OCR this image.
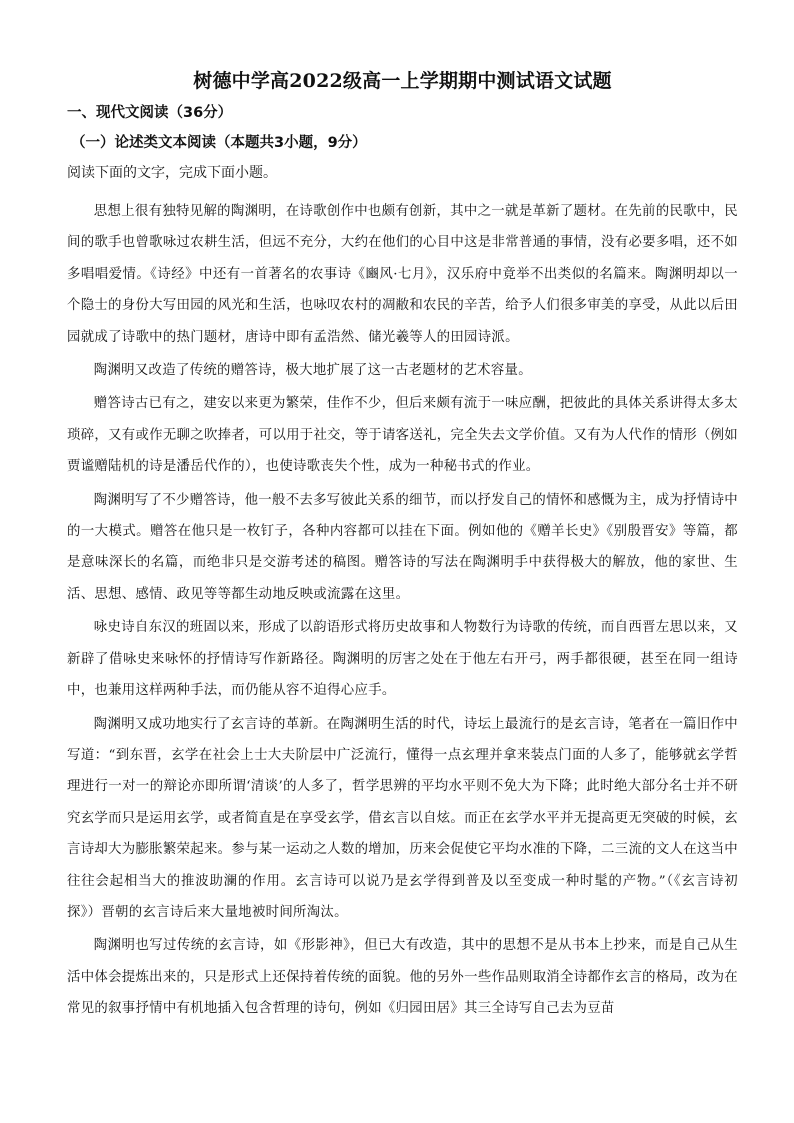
树德中学高2022级高一上学期期中测试语文试题
一、现代文阅读（36分）
（一）论述类文本阅读（本题共3小题，9分）
阅读下面的文字，完成下面小题。

思想上很有独特见解的陶渊明，在诗歌创作中也颇有创新，其中之一就是革新了题材。在先前的民歌中，民间的歌手也曾歌咏过农耕生活，但远不充分，大约在他们的心目中这是非常普通的事情，没有必要多唱，还不如多唱唱爱情。《诗经》中还有一首著名的农事诗《豳风·七月》，汉乐府中竟举不出类似的名篇来。陶渊明却以一个隐士的身份大写田园的风光和生活，也咏叹农村的凋敝和农民的辛苦，给予人们很多审美的享受，从此以后田园就成了诗歌中的热门题材，唐诗中即有孟浩然、储光羲等人的田园诗派。

陶渊明又改造了传统的赠答诗，极大地扩展了这一古老题材的艺术容量。

赠答诗古已有之，建安以来更为繁荣，佳作不少，但后来颇有流于一味应酬，把彼此的具体关系讲得太多太琐碎，又有或作无聊之吹捧者，可以用于社交，等于请客送礼，完全失去文学价值。又有为人代作的情形（例如贾谧赠陆机的诗是潘岳代作的），也使诗歌丧失个性，成为一种秘书式的作业。

陶渊明写了不少赠答诗，他一般不去多写彼此关系的细节，而以抒发自己的情怀和感慨为主，成为抒情诗中的一大模式。赠答在他只是一枚钉子，各种内容都可以挂在下面。例如他的《赠羊长史》《别殷晋安》等篇，都是意味深长的名篇，而绝非只是交游考述的稿图。赠答诗的写法在陶渊明手中获得极大的解放，他的家世、生活、思想、感情、政见等等都生动地反映或流露在这里。

咏史诗自东汉的班固以来，形成了以韵语形式将历史故事和人物数行为诗歌的传统，而自西晋左思以来，又新辟了借咏史来咏怀的抒情诗写作新路径。陶渊明的厉害之处在于他左右开弓，两手都很硬，甚至在同一组诗中，也兼用这样两种手法，而仍能从容不迫得心应手。

陶渊明又成功地实行了玄言诗的革新。在陶渊明生活的时代，诗坛上最流行的是玄言诗，笔者在一篇旧作中写道：“到东晋，玄学在社会上士大夫阶层中广泛流行，懂得一点玄理并拿来装点门面的人多了，能够就玄学哲理进行一对一的辩论亦即所谓‘清谈’的人多了，哲学思辨的平均水平则不免大为下降；此时绝大部分名士并不研究玄学而只是运用玄学，或者简直是在享受玄学，借玄言以自炫。而正在玄学水平并无提高更无突破的时候，玄言诗却大为膨胀繁荣起来。参与某一运动之人数的增加，历来会促使它平均水准的下降，二三流的文人在这当中往往会起相当大的推波助澜的作用。玄言诗可以说乃是玄学得到普及以至变成一种时髦的产物。”（《玄言诗初探》）晋朝的玄言诗后来大量地被时间所淘汰。

陶渊明也写过传统的玄言诗，如《形影神》，但已大有改造，其中的思想不是从书本上抄来，而是自己从生活中体会提炼出来的，只是形式上还保持着传统的面貌。他的另外一些作品则取消全诗都作玄言的格局，改为在常见的叙事抒情中有机地插入包含哲理的诗句，例如《归园田居》其三全诗写自己去为豆苗
